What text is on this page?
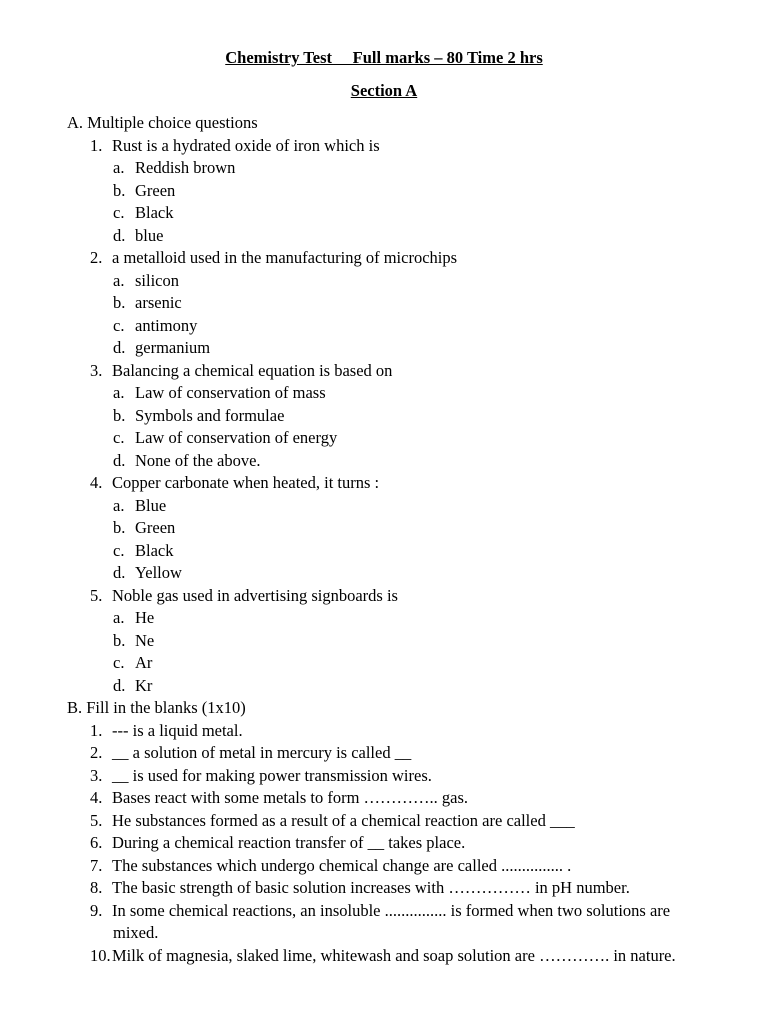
Chemistry Test     Full marks – 80 Time 2 hrs
Section A
A. Multiple choice questions
1. Rust is a hydrated oxide of iron which is
a. Reddish brown
b. Green
c. Black
d. blue
2. a metalloid used in the manufacturing of microchips
a. silicon
b. arsenic
c. antimony
d. germanium
3. Balancing a chemical equation is based on
a. Law of conservation of mass
b. Symbols and formulae
c. Law of conservation of energy
d. None of the above.
4. Copper carbonate when heated, it turns :
a. Blue
b. Green
c. Black
d. Yellow
5. Noble gas used in advertising signboards is
a. He
b. Ne
c. Ar
d. Kr
B. Fill in the blanks (1x10)
1. --- is a liquid metal.
2. __ a solution of metal in mercury is called __
3. __ is used for making power transmission wires.
4. Bases react with some metals to form ………….. gas.
5. He substances formed as a result of a chemical reaction are called ___
6. During a chemical reaction transfer of __ takes place.
7. The substances which undergo chemical change are called ............... .
8. The basic strength of basic solution increases with …………… in pH number.
9. In some chemical reactions, an insoluble ............... is formed when two solutions are
mixed.
10.Milk of magnesia, slaked lime, whitewash and soap solution are …………. in nature.
